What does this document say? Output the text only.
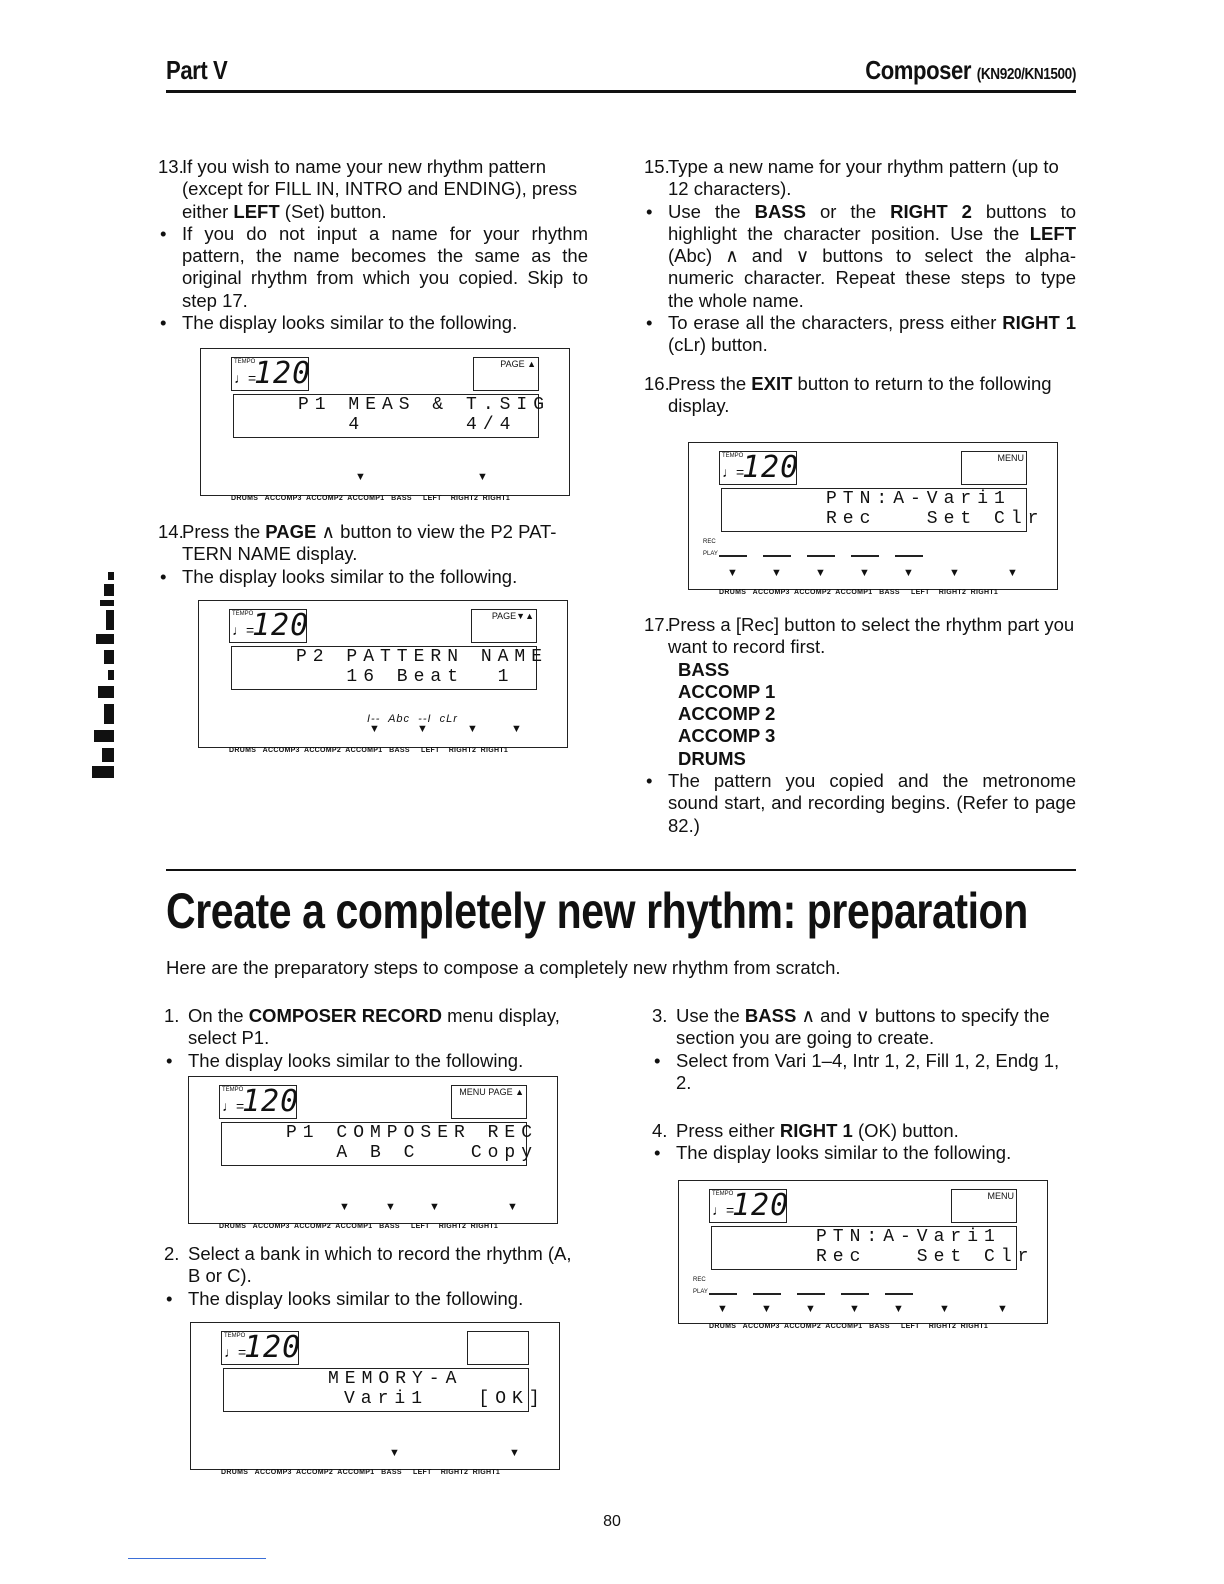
Part V	Composer (KN920/KN1500)

13.
If you wish to name your new rhythm pattern (except for FILL IN, INTRO and ENDING), press either LEFT (Set) button.

• If you do not input a name for your rhythm pattern, the name becomes the same as the original rhythm from which you copied. Skip to step 17.

• The display looks similar to the following.

TEMPO
♩=
120	PAGE ▲
P1 MEAS & T.SIG
4      4/4
▼	▼
DRUMS   ACCOMP3  ACCOMP2  ACCOMP1   BASS     LEFT    RIGHT2  RIGHT1

14.
Press the PAGE ∧ button to view the P2 PAT-TERN NAME display.

• The display looks similar to the following.

TEMPO
♩=
120	PAGE▼▲
P2 PATTERN NAME
16 Beat  1
I--  Abc  --I  cLr
▼	▼	▼	▼
DRUMS   ACCOMP3  ACCOMP2  ACCOMP1   BASS     LEFT    RIGHT2  RIGHT1

15.
Type a new name for your rhythm pattern (up to 12 characters).

• Use the BASS or the RIGHT 2 buttons to highlight the character position. Use the LEFT (Abc) ∧ and ∨ buttons to select the alpha-numeric character. Repeat these steps to type the whole name.

• To erase all the characters, press either RIGHT 1 (cLr) button.

16.
Press the EXIT button to return to the following display.

TEMPO
♩=
120	MENU
PTN:A-Vari1
Rec   Set Clr
REC
PLAY
▼	▼	▼	▼	▼	▼	▼
DRUMS   ACCOMP3  ACCOMP2  ACCOMP1   BASS     LEFT    RIGHT2  RIGHT1

17.
Press a [Rec] button to select the rhythm part you want to record first.

BASS

ACCOMP 1

ACCOMP 2

ACCOMP 3

DRUMS

• The pattern you copied and the metronome sound start, and recording begins. (Refer to page 82.)

Create a completely new rhythm: preparation
Here are the preparatory steps to compose a completely new rhythm from scratch.

1. On the COMPOSER RECORD menu display, select P1.

• The display looks similar to the following.

TEMPO
♩=
120	MENU PAGE ▲
P1 COMPOSER REC
A B C   Copy
▼	▼	▼	▼
DRUMS   ACCOMP3  ACCOMP2  ACCOMP1   BASS     LEFT    RIGHT2  RIGHT1

2. Select a bank in which to record the rhythm (A, B or C).

• The display looks similar to the following.

TEMPO
♩=
120
MEMORY-A
Vari1   [OK]
▼	▼
DRUMS   ACCOMP3  ACCOMP2  ACCOMP1   BASS     LEFT    RIGHT2  RIGHT1

3. Use the BASS ∧ and ∨ buttons to specify the section you are going to create.

• Select from Vari 1–4, Intr 1, 2, Fill 1, 2, Endg 1, 2.

4. Press either RIGHT 1 (OK) button.

• The display looks similar to the following.

TEMPO
♩=
120	MENU
PTN:A-Vari1
Rec   Set Clr
REC
PLAY
▼	▼	▼	▼	▼	▼	▼
DRUMS   ACCOMP3  ACCOMP2  ACCOMP1   BASS     LEFT    RIGHT2  RIGHT1
80
